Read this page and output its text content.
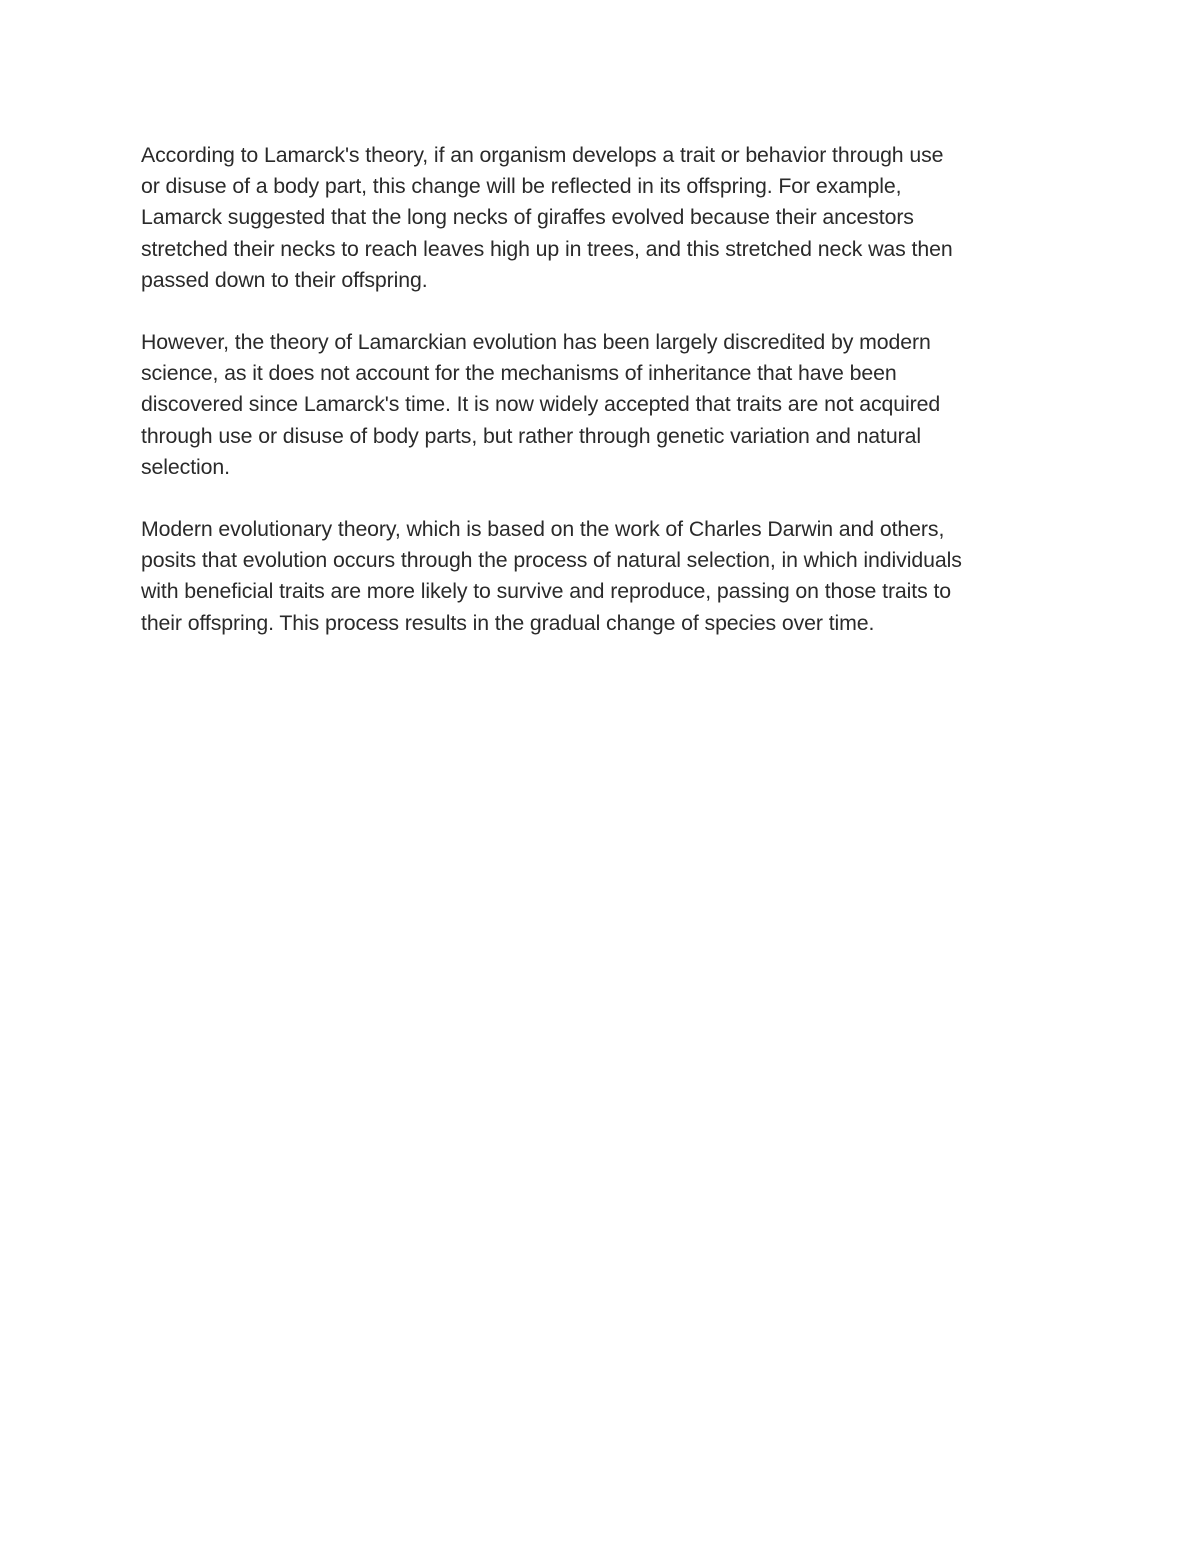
According to Lamarck's theory, if an organism develops a trait or behavior through use
or disuse of a body part, this change will be reflected in its offspring. For example,
Lamarck suggested that the long necks of giraffes evolved because their ancestors
stretched their necks to reach leaves high up in trees, and this stretched neck was then
passed down to their offspring.

However, the theory of Lamarckian evolution has been largely discredited by modern
science, as it does not account for the mechanisms of inheritance that have been
discovered since Lamarck's time. It is now widely accepted that traits are not acquired
through use or disuse of body parts, but rather through genetic variation and natural
selection.

Modern evolutionary theory, which is based on the work of Charles Darwin and others,
posits that evolution occurs through the process of natural selection, in which individuals
with beneficial traits are more likely to survive and reproduce, passing on those traits to
their offspring. This process results in the gradual change of species over time.
